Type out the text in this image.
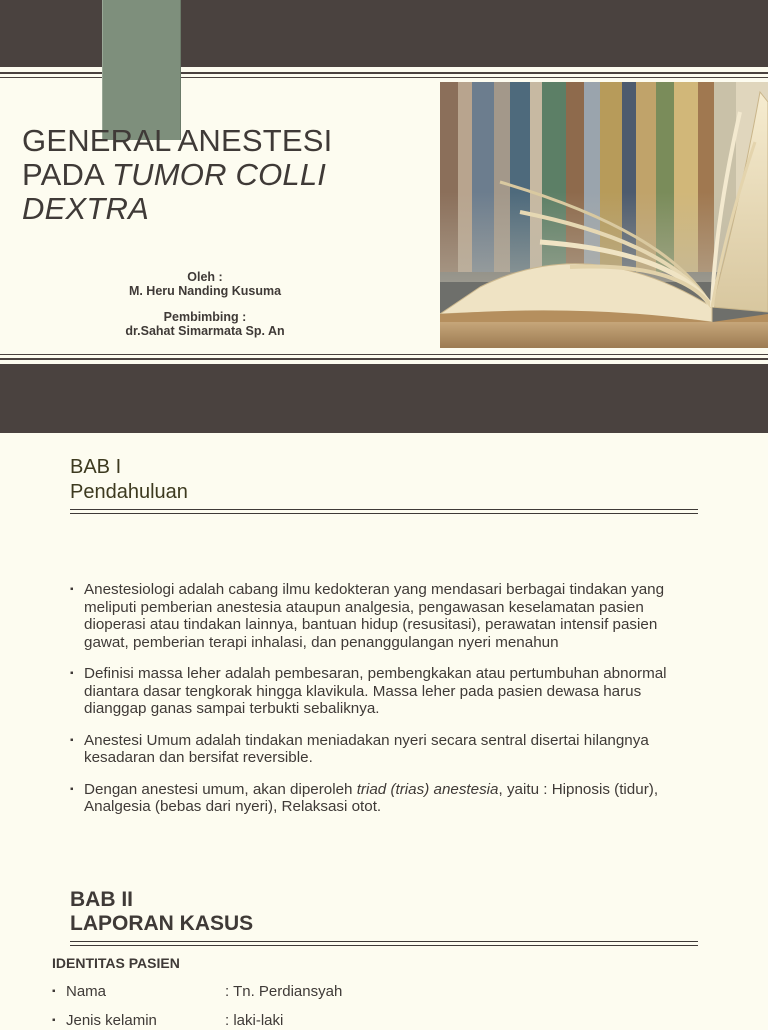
GENERAL ANESTESI
PADA TUMOR COLLI
DEXTRA

Oleh :

M. Heru Nanding Kusuma

Pembimbing :

dr.Sahat Simarmata Sp. An

BAB I
Pendahuluan
▪ Anestesiologi adalah cabang ilmu kedokteran yang mendasari berbagai tindakan yang meliputi pemberian anestesia ataupun analgesia, pengawasan keselamatan pasien dioperasi atau tindakan lainnya, bantuan hidup (resusitasi), perawatan intensif pasien gawat, pemberian terapi inhalasi, dan penanggulangan nyeri menahun
▪ Definisi massa leher adalah pembesaran, pembengkakan atau pertumbuhan abnormal diantara dasar tengkorak hingga klavikula. Massa leher pada pasien dewasa harus dianggap ganas sampai terbukti sebaliknya.
▪ Anestesi Umum adalah tindakan meniadakan nyeri secara sentral disertai hilangnya kesadaran dan bersifat reversible.
▪ Dengan anestesi umum, akan diperoleh triad (trias) anestesia, yaitu : Hipnosis (tidur), Analgesia (bebas dari nyeri), Relaksasi otot.
BAB II
LAPORAN KASUS

IDENTITAS PASIEN

▪ Nama	: Tn. Perdiansyah
▪ Jenis kelamin	: laki-laki
